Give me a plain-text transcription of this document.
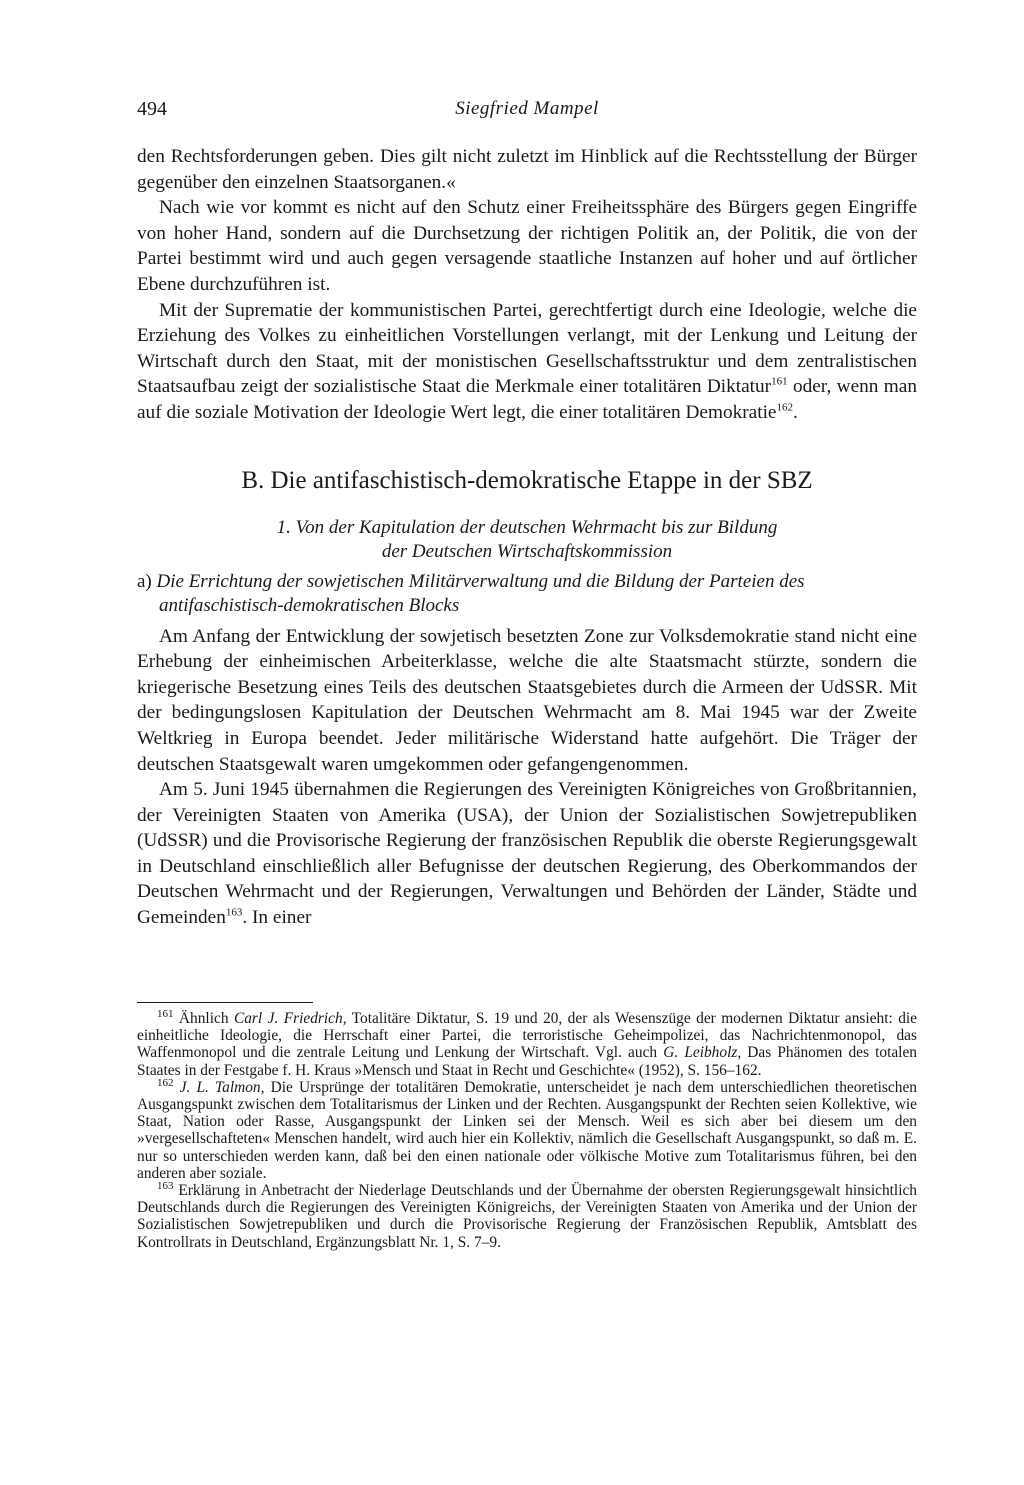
494	Siegfried Mampel

den Rechtsforderungen geben. Dies gilt nicht zuletzt im Hinblick auf die Rechtsstellung der Bürger gegenüber den einzelnen Staatsorganen.«

Nach wie vor kommt es nicht auf den Schutz einer Freiheitssphäre des Bürgers gegen Eingriffe von hoher Hand, sondern auf die Durchsetzung der richtigen Politik an, der Politik, die von der Partei bestimmt wird und auch gegen versagende staatliche Instanzen auf hoher und auf örtlicher Ebene durchzuführen ist.

Mit der Suprematie der kommunistischen Partei, gerechtfertigt durch eine Ideologie, welche die Erziehung des Volkes zu einheitlichen Vorstellungen verlangt, mit der Lenkung und Leitung der Wirtschaft durch den Staat, mit der monistischen Gesellschaftsstruktur und dem zentralistischen Staatsaufbau zeigt der sozialistische Staat die Merkmale einer totalitären Diktatur$^{161}$ oder, wenn man auf die soziale Motivation der Ideologie Wert legt, die einer totalitären Demokratie$^{162}$.

B. Die antifaschistisch-demokratische Etappe in der SBZ
1. Von der Kapitulation der deutschen Wehrmacht bis zur Bildung
der Deutschen Wirtschaftskommission
a) Die Errichtung der sowjetischen Militärverwaltung und die Bildung der Parteien des antifaschistisch-demokratischen Blocks

Am Anfang der Entwicklung der sowjetisch besetzten Zone zur Volksdemokratie stand nicht eine Erhebung der einheimischen Arbeiterklasse, welche die alte Staatsmacht stürzte, sondern die kriegerische Besetzung eines Teils des deutschen Staatsgebietes durch die Armeen der UdSSR. Mit der bedingungslosen Kapitulation der Deutschen Wehrmacht am 8. Mai 1945 war der Zweite Weltkrieg in Europa beendet. Jeder militärische Widerstand hatte aufgehört. Die Träger der deutschen Staatsgewalt waren umgekommen oder gefangengenommen.

Am 5. Juni 1945 übernahmen die Regierungen des Vereinigten Königreiches von Großbritannien, der Vereinigten Staaten von Amerika (USA), der Union der Sozialistischen Sowjetrepubliken (UdSSR) und die Provisorische Regierung der französischen Republik die oberste Regierungsgewalt in Deutschland einschließlich aller Befugnisse der deutschen Regierung, des Oberkommandos der Deutschen Wehrmacht und der Regierungen, Verwaltungen und Behörden der Länder, Städte und Gemeinden$^{163}$. In einer

$^{161}$ Ähnlich Carl J. Friedrich, Totalitäre Diktatur, S. 19 und 20, der als Wesenszüge der modernen Diktatur ansieht: die einheitliche Ideologie, die Herrschaft einer Partei, die terroristische Geheimpolizei, das Nachrichtenmonopol, das Waffenmonopol und die zentrale Leitung und Lenkung der Wirtschaft. Vgl. auch G. Leibholz, Das Phänomen des totalen Staates in der Festgabe f. H. Kraus »Mensch und Staat in Recht und Geschichte« (1952), S. 156–162.

$^{162}$ J. L. Talmon, Die Ursprünge der totalitären Demokratie, unterscheidet je nach dem unterschiedlichen theoretischen Ausgangspunkt zwischen dem Totalitarismus der Linken und der Rechten. Ausgangspunkt der Rechten seien Kollektive, wie Staat, Nation oder Rasse, Ausgangspunkt der Linken sei der Mensch. Weil es sich aber bei diesem um den »vergesellschafteten« Menschen handelt, wird auch hier ein Kollektiv, nämlich die Gesellschaft Ausgangspunkt, so daß m. E. nur so unterschieden werden kann, daß bei den einen nationale oder völkische Motive zum Totalitarismus führen, bei den anderen aber soziale.

$^{163}$ Erklärung in Anbetracht der Niederlage Deutschlands und der Übernahme der obersten Regierungsgewalt hinsichtlich Deutschlands durch die Regierungen des Vereinigten Königreichs, der Vereinigten Staaten von Amerika und der Union der Sozialistischen Sowjetrepubliken und durch die Provisorische Regierung der Französischen Republik, Amtsblatt des Kontrollrats in Deutschland, Ergänzungsblatt Nr. 1, S. 7–9.
